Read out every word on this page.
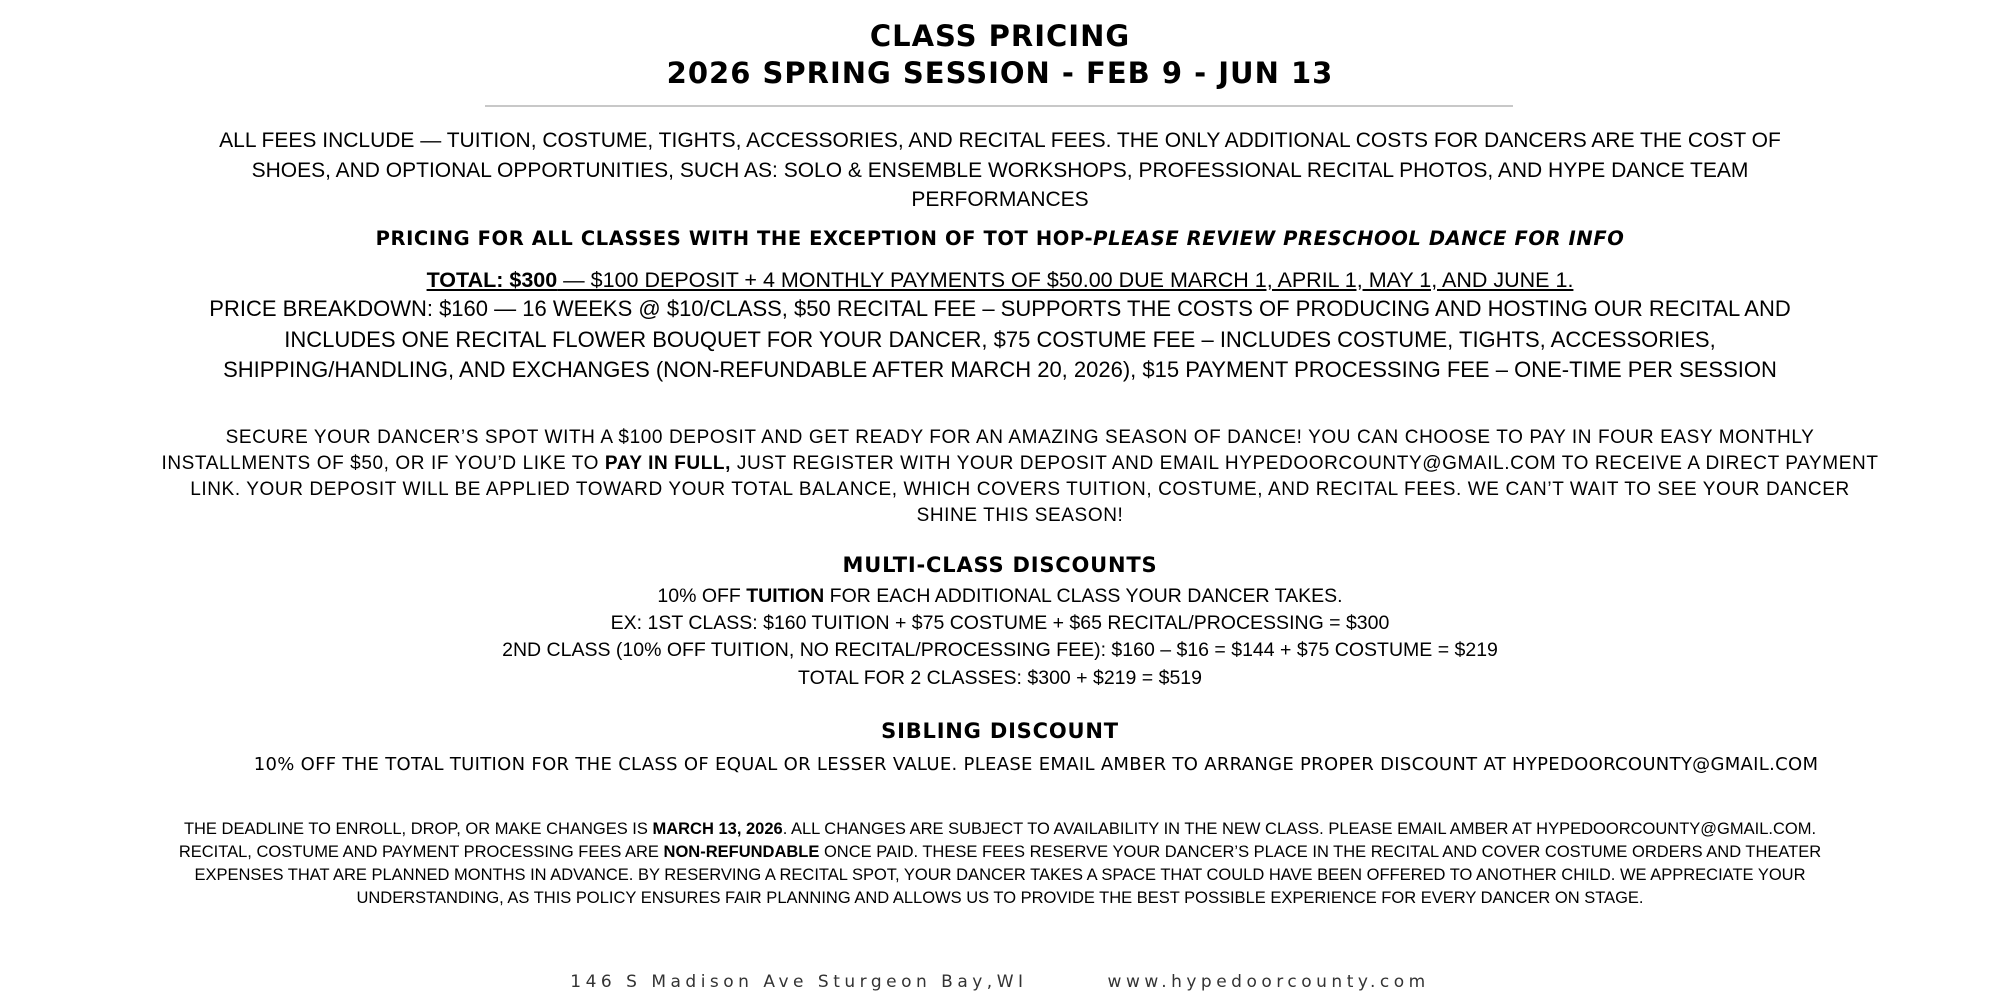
CLASS PRICING
2026 SPRING SESSION - FEB 9 - JUN 13
ALL FEES INCLUDE — TUITION, COSTUME, TIGHTS, ACCESSORIES, AND RECITAL FEES. THE ONLY ADDITIONAL COSTS FOR DANCERS ARE THE COST OF SHOES, AND OPTIONAL OPPORTUNITIES, SUCH AS: SOLO & ENSEMBLE WORKSHOPS, PROFESSIONAL RECITAL PHOTOS, AND HYPE DANCE TEAM PERFORMANCES
PRICING FOR ALL CLASSES WITH THE EXCEPTION OF TOT HOP-PLEASE REVIEW PRESCHOOL DANCE FOR INFO
TOTAL: $300 — $100 DEPOSIT + 4 MONTHLY PAYMENTS OF $50.00 DUE MARCH 1, APRIL 1, MAY 1, AND JUNE 1.
PRICE BREAKDOWN: $160 — 16 WEEKS @ $10/CLASS, $50 RECITAL FEE – SUPPORTS THE COSTS OF PRODUCING AND HOSTING OUR RECITAL AND INCLUDES ONE RECITAL FLOWER BOUQUET FOR YOUR DANCER, $75 COSTUME FEE – INCLUDES COSTUME, TIGHTS, ACCESSORIES, SHIPPING/HANDLING, AND EXCHANGES (NON-REFUNDABLE AFTER MARCH 20, 2026), $15 PAYMENT PROCESSING FEE – ONE-TIME PER SESSION
SECURE YOUR DANCER’S SPOT WITH A $100 DEPOSIT AND GET READY FOR AN AMAZING SEASON OF DANCE! YOU CAN CHOOSE TO PAY IN FOUR EASY MONTHLY INSTALLMENTS OF $50, OR IF YOU’D LIKE TO PAY IN FULL, JUST REGISTER WITH YOUR DEPOSIT AND EMAIL HYPEDOORCOUNTY@GMAIL.COM TO RECEIVE A DIRECT PAYMENT LINK. YOUR DEPOSIT WILL BE APPLIED TOWARD YOUR TOTAL BALANCE, WHICH COVERS TUITION, COSTUME, AND RECITAL FEES. WE CAN’T WAIT TO SEE YOUR DANCER SHINE THIS SEASON!
MULTI-CLASS DISCOUNTS
10% OFF TUITION FOR EACH ADDITIONAL CLASS YOUR DANCER TAKES.
EX: 1ST CLASS: $160 TUITION + $75 COSTUME + $65 RECITAL/PROCESSING = $300
2ND CLASS (10% OFF TUITION, NO RECITAL/PROCESSING FEE): $160 – $16 = $144 + $75 COSTUME = $219
TOTAL FOR 2 CLASSES: $300 + $219 = $519
SIBLING DISCOUNT
10% OFF THE TOTAL TUITION FOR THE CLASS OF EQUAL OR LESSER VALUE. PLEASE EMAIL AMBER TO ARRANGE PROPER DISCOUNT AT HYPEDOORCOUNTY@GMAIL.COM
THE DEADLINE TO ENROLL, DROP, OR MAKE CHANGES IS MARCH 13, 2026. ALL CHANGES ARE SUBJECT TO AVAILABILITY IN THE NEW CLASS. PLEASE EMAIL AMBER AT HYPEDOORCOUNTY@GMAIL.COM. RECITAL, COSTUME AND PAYMENT PROCESSING FEES ARE NON-REFUNDABLE ONCE PAID. THESE FEES RESERVE YOUR DANCER’S PLACE IN THE RECITAL AND COVER COSTUME ORDERS AND THEATER EXPENSES THAT ARE PLANNED MONTHS IN ADVANCE. BY RESERVING A RECITAL SPOT, YOUR DANCER TAKES A SPACE THAT COULD HAVE BEEN OFFERED TO ANOTHER CHILD. WE APPRECIATE YOUR UNDERSTANDING, AS THIS POLICY ENSURES FAIR PLANNING AND ALLOWS US TO PROVIDE THE BEST POSSIBLE EXPERIENCE FOR EVERY DANCER ON STAGE.
146 S Madison Ave Sturgeon Bay,WI	www.hypedoorcounty.com
